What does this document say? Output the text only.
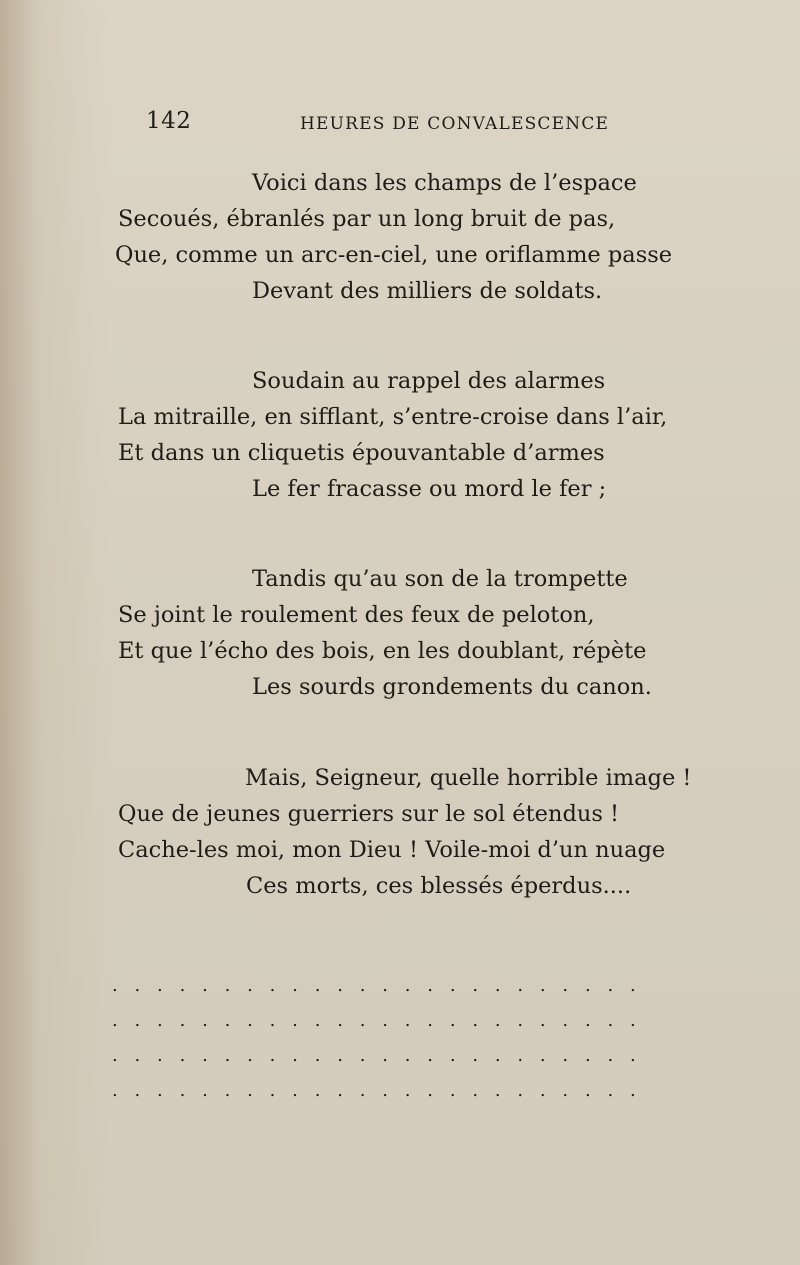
142	HEURES DE CONVALESCENCE
Voici dans les champs de l’espace
Secoués, ébranlés par un long bruit de pas,
Que, comme un arc-en-ciel, une oriflamme passe
Devant des milliers de soldats.
Soudain au rappel des alarmes
La mitraille, en sifflant, s’entre-croise dans l’air,
Et dans un cliquetis épouvantable d’armes
Le fer fracasse ou mord le fer ;
Tandis qu’au son de la trompette
Se joint le roulement des feux de peloton,
Et que l’écho des bois, en les doublant, répète
Les sourds grondements du canon.
Mais, Seigneur, quelle horrible image !
Que de jeunes guerriers sur le sol étendus !
Cache-les moi, mon Dieu ! Voile-moi d’un nuage
Ces morts, ces blessés éperdus....
........................
........................
........................
........................
